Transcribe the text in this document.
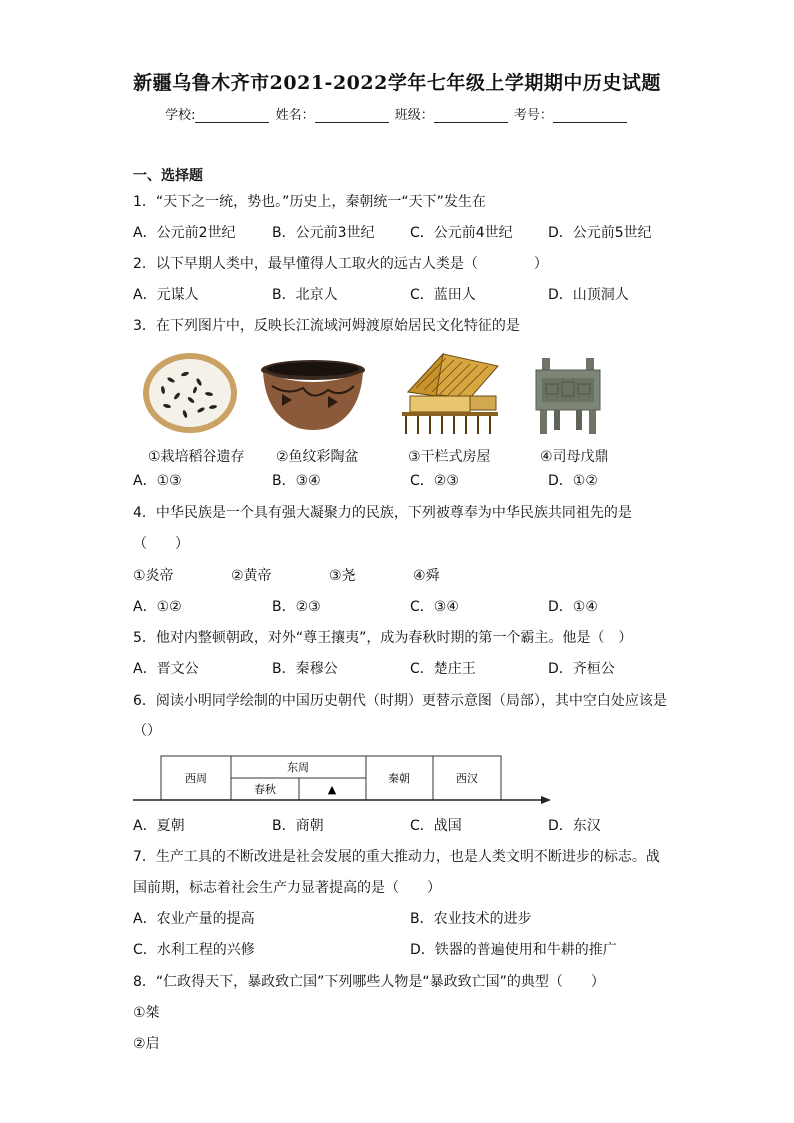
新疆乌鲁木齐市2021-2022学年七年级上学期期中历史试题
学校:	姓名：	班级：	考号：
一、选择题
1．“天下之一统，势也。”历史上，秦朝统一“天下”发生在
A．公元前2世纪	B．公元前3世纪	C．公元前4世纪	D．公元前5世纪
2．以下早期人类中，最早懂得人工取火的远古人类是（　　　　）
A．元谋人	B．北京人	C．蓝田人	D．山顶洞人
3．在下列图片中，反映长江流域河姆渡原始居民文化特征的是
①栽培稻谷遗存 ②鱼纹彩陶盆	③干栏式房屋	④司母戊鼎
A．①③	B．③④	C．②③	D．①②
4．中华民族是一个具有强大凝聚力的民族，下列被尊奉为中华民族共同祖先的是
（　　）
①炎帝	②黄帝	③尧	④舜
A．①②	B．②③	C．③④	D．①④
5．他对内整顿朝政，对外“尊王攘夷”，成为春秋时期的第一个霸主。他是（　）
A．晋文公	B．秦穆公	C．楚庄王	D．齐桓公
6．阅读小明同学绘制的中国历史朝代（时期）更替示意图（局部），其中空白处应该是
（）
西周
东周
春秋	▲
秦朝	西汉
A．夏朝	B．商朝	C．战国	D．东汉
7．生产工具的不断改进是社会发展的重大推动力，也是人类文明不断进步的标志。战
国前期，标志着社会生产力显著提高的是（　　）
A．农业产量的提高	B．农业技术的进步
C．水利工程的兴修	D．铁器的普遍使用和牛耕的推广
8．“仁政得天下，暴政致亡国”下列哪些人物是“暴政致亡国”的典型（　　）
①桀
②启
